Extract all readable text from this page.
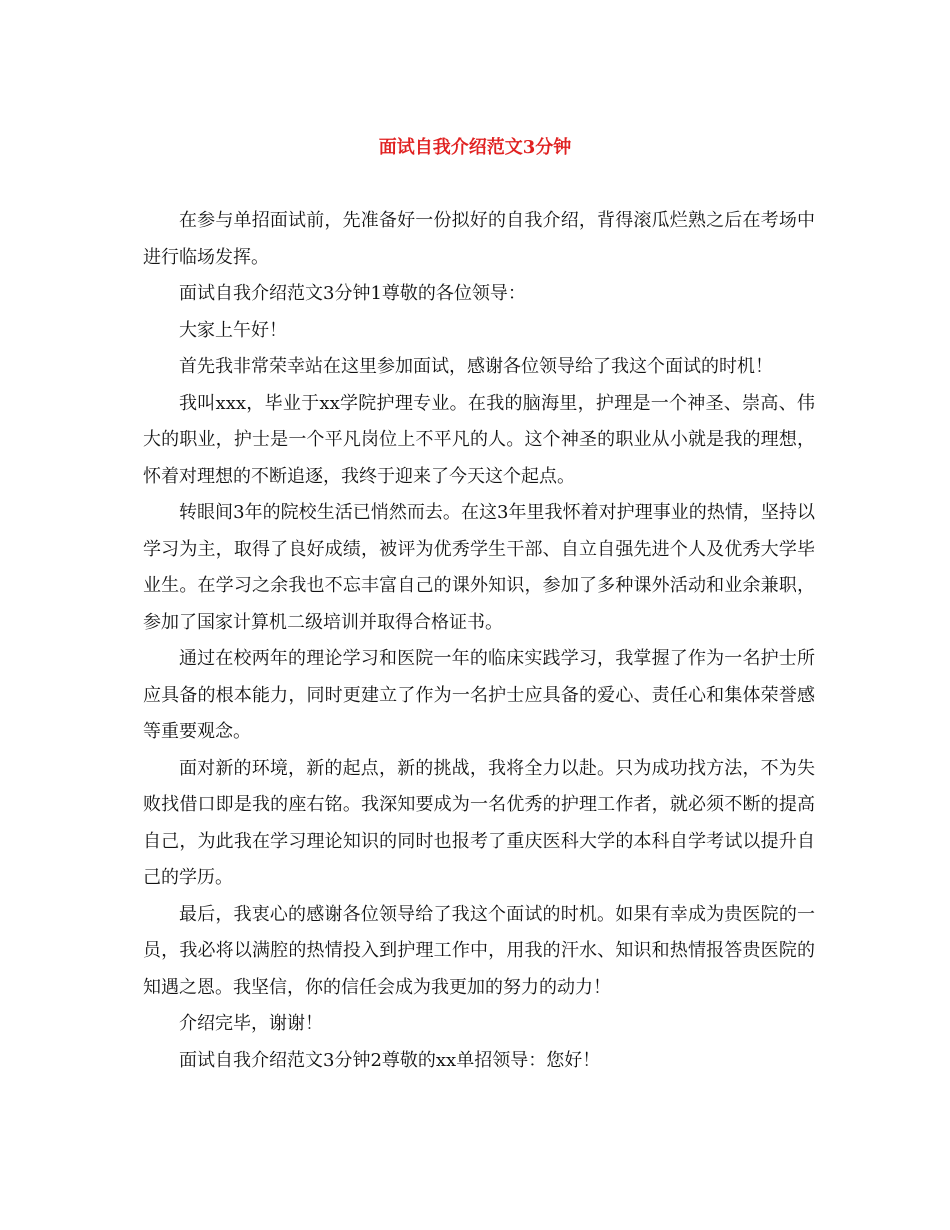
面试自我介绍范文3分钟

在参与单招面试前，先准备好一份拟好的自我介绍，背得滚瓜烂熟之后在考场中进行临场发挥。

面试自我介绍范文3分钟1尊敬的各位领导：

大家上午好！

首先我非常荣幸站在这里参加面试，感谢各位领导给了我这个面试的时机！

我叫xxx，毕业于xx学院护理专业。在我的脑海里，护理是一个神圣、崇高、伟大的职业，护士是一个平凡岗位上不平凡的人。这个神圣的职业从小就是我的理想，怀着对理想的不断追逐，我终于迎来了今天这个起点。

转眼间3年的院校生活已悄然而去。在这3年里我怀着对护理事业的热情，坚持以学习为主，取得了良好成绩，被评为优秀学生干部、自立自强先进个人及优秀大学毕业生。在学习之余我也不忘丰富自己的课外知识，参加了多种课外活动和业余兼职，参加了国家计算机二级培训并取得合格证书。

通过在校两年的理论学习和医院一年的临床实践学习，我掌握了作为一名护士所应具备的根本能力，同时更建立了作为一名护士应具备的爱心、责任心和集体荣誉感等重要观念。

面对新的环境，新的起点，新的挑战，我将全力以赴。只为成功找方法，不为失败找借口即是我的座右铭。我深知要成为一名优秀的护理工作者，就必须不断的提高自己，为此我在学习理论知识的同时也报考了重庆医科大学的本科自学考试以提升自己的学历。

最后，我衷心的感谢各位领导给了我这个面试的时机。如果有幸成为贵医院的一员，我必将以满腔的热情投入到护理工作中，用我的汗水、知识和热情报答贵医院的知遇之恩。我坚信，你的信任会成为我更加的努力的动力！

介绍完毕，谢谢！

面试自我介绍范文3分钟2尊敬的xx单招领导：您好！
